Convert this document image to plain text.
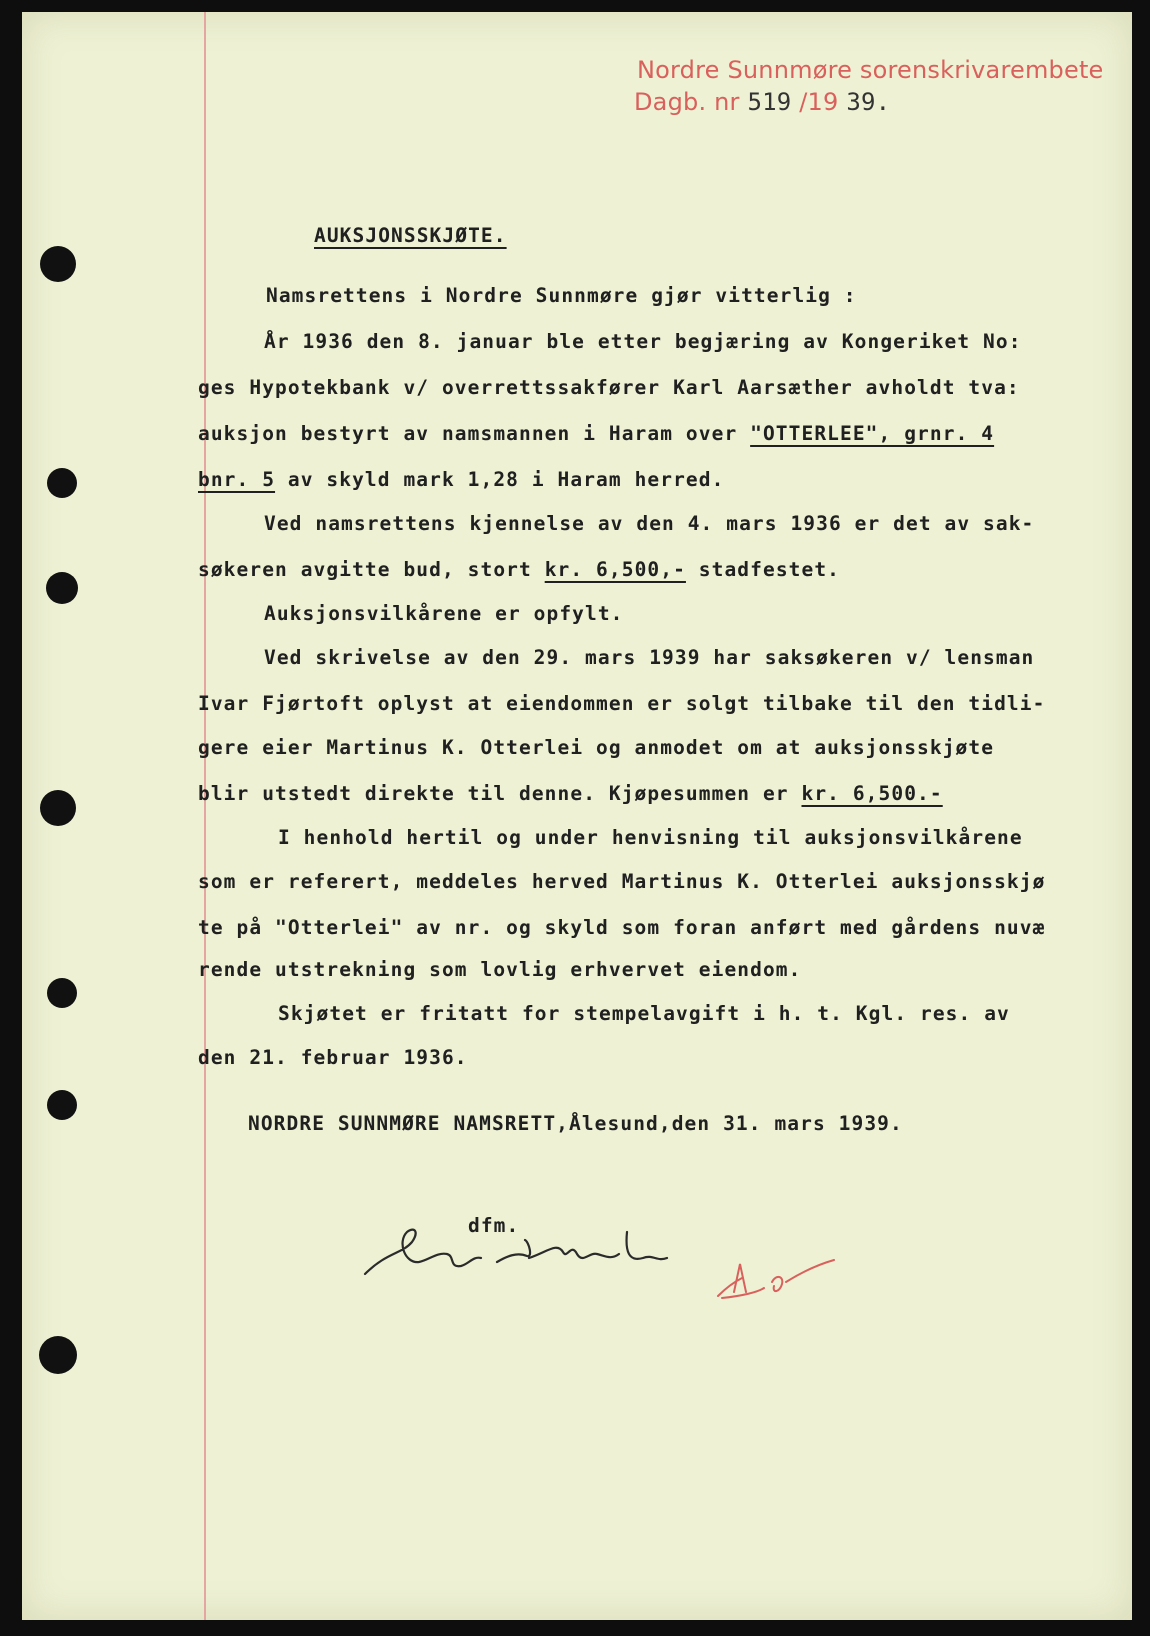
Nordre Sunnmøre sorenskrivarembete
Dagb. nr 519 /19 39.
AUKSJONSSKJØTE.
Namsrettens i Nordre Sunnmøre gjør vitterlig :
År 1936 den 8. januar ble etter begjæring av Kongeriket No:
ges Hypotekbank v/ overrettssakfører Karl Aarsæther avholdt tva:
auksjon bestyrt av namsmannen i Haram over "OTTERLEE", grnr. 4
bnr. 5 av skyld mark 1,28 i Haram herred.
Ved namsrettens kjennelse av den 4. mars 1936 er det av sak-
søkeren avgitte bud, stort kr. 6,500,- stadfestet.
Auksjonsvilkårene er opfylt.
Ved skrivelse av den 29. mars 1939 har saksøkeren v/ lensman
Ivar Fjørtoft oplyst at eiendommen er solgt tilbake til den tidli-
gere eier Martinus K. Otterlei og anmodet om at auksjonsskjøte
blir utstedt direkte til denne. Kjøpesummen er kr. 6,500.-
I henhold hertil og under henvisning til auksjonsvilkårene
som er referert, meddeles herved Martinus K. Otterlei auksjonsskjø
te på "Otterlei" av nr. og skyld som foran anført med gårdens nuvæ
rende utstrekning som lovlig erhvervet eiendom.
Skjøtet er fritatt for stempelavgift i h. t. Kgl. res. av
den 21. februar 1936.
NORDRE SUNNMØRE NAMSRETT,Ålesund,den 31. mars 1939.
dfm.
